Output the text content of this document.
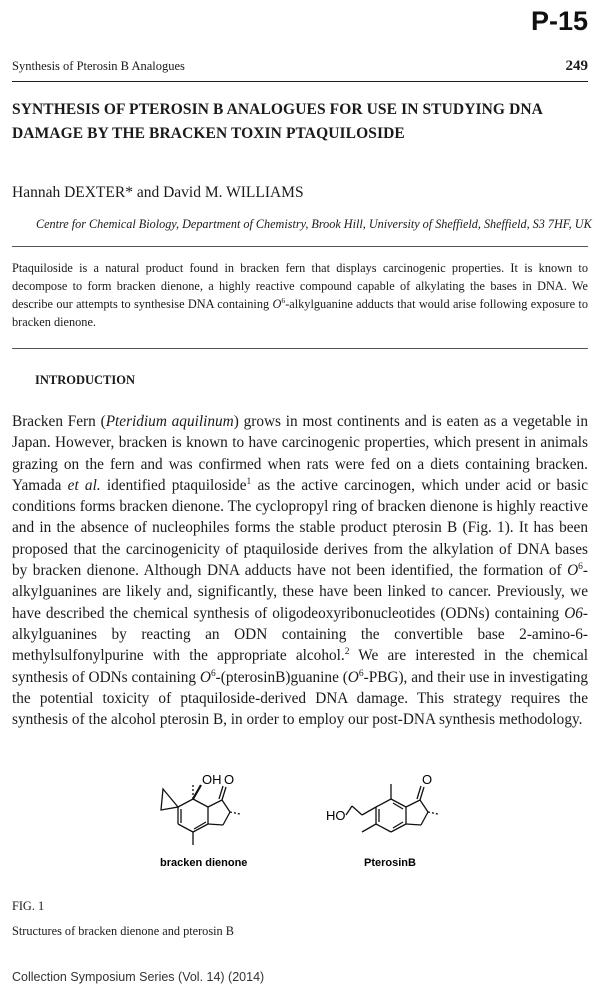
P-15
Synthesis of Pterosin B Analogues	249
SYNTHESIS OF PTEROSIN B ANALOGUES FOR USE IN STUDYING DNA DAMAGE BY THE BRACKEN TOXIN PTAQUILOSIDE
Hannah DEXTER* and David M. WILLIAMS
Centre for Chemical Biology, Department of Chemistry, Brook Hill, University of Sheffield, Sheffield, S3 7HF, UK
Ptaquiloside is a natural product found in bracken fern that displays carcinogenic properties. It is known to decompose to form bracken dienone, a highly reactive compound capable of alkylating the bases in DNA. We describe our attempts to synthesise DNA containing $O^6$-alkylguanine adducts that would arise following exposure to bracken dienone.
INTRODUCTION

Bracken Fern (Pteridium aquilinum) grows in most continents and is eaten as a vegetable in Japan. However, bracken is known to have carcinogenic properties, which present in animals grazing on the fern and was confirmed when rats were fed on a diets containing bracken. Yamada et al. identified ptaquiloside$^1$ as the active carcinogen, which under acid or basic conditions forms bracken dienone. The cyclopropyl ring of bracken dienone is highly reactive and in the absence of nucleophiles forms the stable product pterosin B (Fig. 1). It has been proposed that the carcinogenicity of ptaquiloside derives from the alkylation of DNA bases by bracken dienone. Although DNA adducts have not been identified, the formation of $O^6$-alkylguanines are likely and, significantly, these have been linked to cancer. Previously, we have described the chemical synthesis of oligodeoxyribonucleotides (ODNs) containing O6-alkylguanines by reacting an ODN containing the convertible base 2-amino-6-methylsulfonylpurine with the appropriate alcohol.$^2$ We are interested in the chemical synthesis of ODNs containing $O^6-(pterosinB)guanine$ $(O^6-PBG)$, and their use in investigating the potential toxicity of ptaquiloside-derived DNA damage. This strategy requires the synthesis of the alcohol pterosin B, in order to employ our post-DNA synthesis methodology.

OH O
bracken dienone
HO
O
PterosinB
FIG. 1
Structures of bracken dienone and pterosin B
Collection Symposium Series (Vol. 14) (2014)
